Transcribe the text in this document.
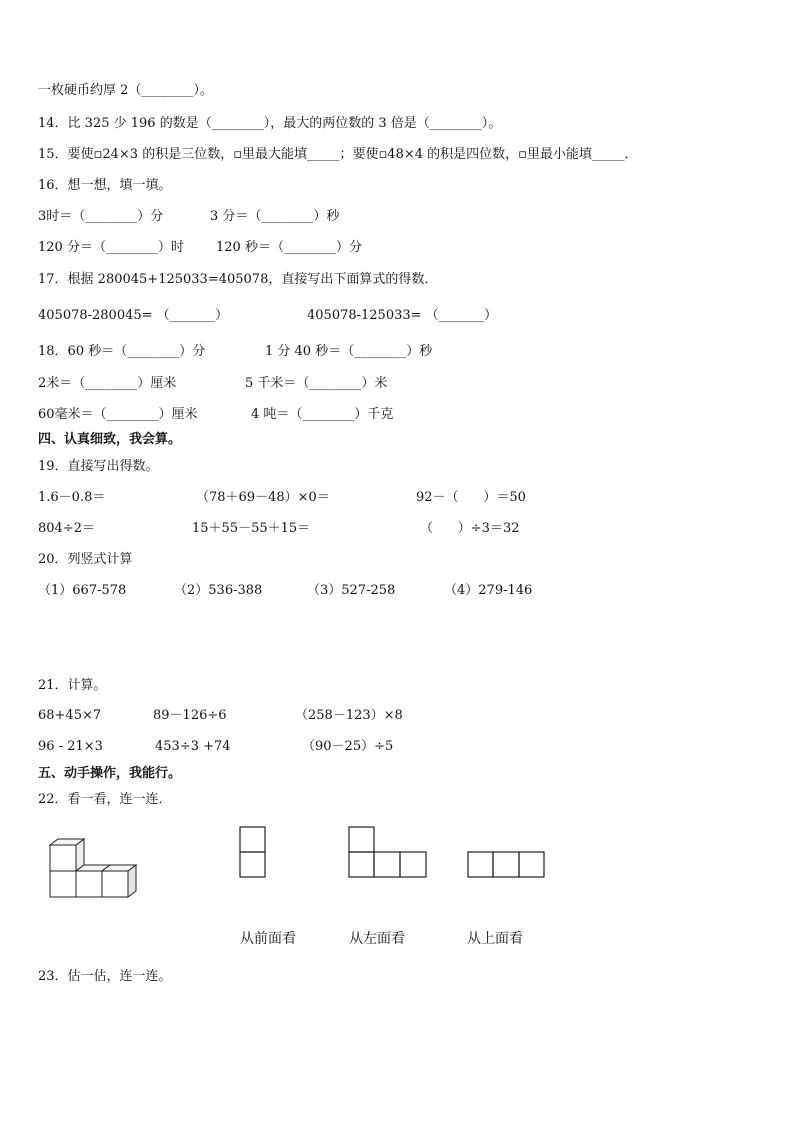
一枚硬币约厚 2（________）。
14．比 325 少 196 的数是（________），最大的两位数的 3 倍是（________）。
15．要使▫24×3 的积是三位数，▫里最大能填_____；要使▫48×4 的积是四位数，▫里最小能填_____．
16．想一想，填一填。
3时＝（________）分	3 分＝（________）秒
120 分＝（________）时 120 秒＝（________）分
17．根据 280045+125033=405078，直接写出下面算式的得数．
405078-280045= （_______）	405078-125033= （_______）
18．60 秒＝（________）分	1 分 40 秒＝（________）秒
2米＝（________）厘米	5 千米＝（________）米
60毫米＝（________）厘米	4 吨＝（________）千克
四、认真细致，我会算。
19．直接写出得数。
1.6－0.8＝	（78＋69－48）×0＝	92－（      ）＝50
804÷2＝	15＋55－55＋15＝	（      ）÷3＝32
20．列竖式计算
（1）667-578	（2）536-388	（3）527-258	（4）279-146
21．计算。
68+45×7	89－126÷6	（258－123）×8
96 - 21×3	453÷3 +74	（90－25）÷5
五、动手操作，我能行。
22．看一看，连一连．
从前面看	从左面看	从上面看
23．估一估，连一连。
